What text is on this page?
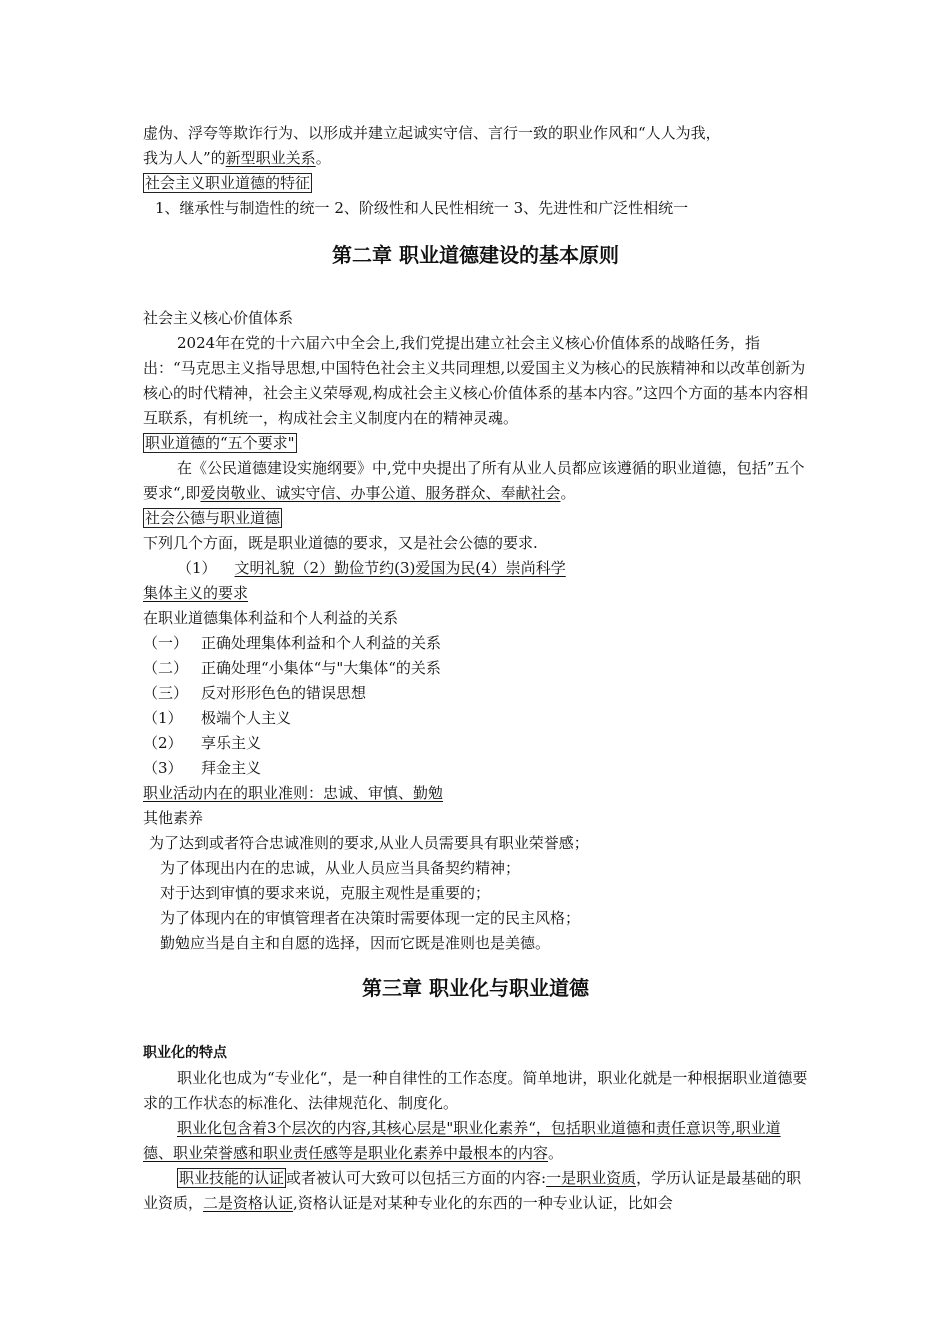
虚伪、浮夸等欺诈行为、以形成并建立起诚实守信、言行一致的职业作风和“人人为我，

我为人人”的新型职业关系。

社会主义职业道德的特征

1、继承性与制造性的统一 2、阶级性和人民性相统一 3、先进性和广泛性相统一

第二章 职业道德建设的基本原则

社会主义核心价值体系

2024年在党的十六届六中全会上,我们党提出建立社会主义核心价值体系的战略任务，指出：“马克思主义指导思想,中国特色社会主义共同理想,以爱国主义为核心的民族精神和以改革创新为核心的时代精神，社会主义荣辱观,构成社会主义核心价值体系的基本内容。”这四个方面的基本内容相互联系，有机统一，构成社会主义制度内在的精神灵魂。

职业道德的“五个要求"

在《公民道德建设实施纲要》中,党中央提出了所有从业人员都应该遵循的职业道德，包括”五个要求“,即爱岗敬业、诚实守信、办事公道、服务群众、奉献社会。

社会公德与职业道德

下列几个方面，既是职业道德的要求，又是社会公德的要求.

（1） 文明礼貌（2）勤俭节约(3)爱国为民(4）崇尚科学

集体主义的要求

在职业道德集体利益和个人利益的关系

（一） 正确处理集体利益和个人利益的关系
（二） 正确处理“小集体“与"大集体“的关系
（三） 反对形形色色的错误思想
（1）	极端个人主义
（2）	享乐主义
（3）	拜金主义

职业活动内在的职业准则：忠诚、审慎、勤勉

其他素养

为了达到或者符合忠诚准则的要求,从业人员需要具有职业荣誉感；

为了体现出内在的忠诚，从业人员应当具备契约精神；

对于达到审慎的要求来说，克服主观性是重要的；

为了体现内在的审慎管理者在决策时需要体现一定的民主风格；

勤勉应当是自主和自愿的选择，因而它既是准则也是美德。

第三章 职业化与职业道德

职业化的特点

职业化也成为“专业化“，是一种自律性的工作态度。简单地讲，职业化就是一种根据职业道德要求的工作状态的标准化、法律规范化、制度化。

职业化包含着3个层次的内容,其核心层是"职业化素养“，包括职业道德和责任意识等,职业道德、职业荣誉感和职业责任感等是职业化素养中最根本的内容。

职业技能的认证 或者被认可大致可以包括三方面的内容:一是职业资质，学历认证是最基础的职业资质，二是资格认证,资格认证是对某种专业化的东西的一种专业认证，比如会
